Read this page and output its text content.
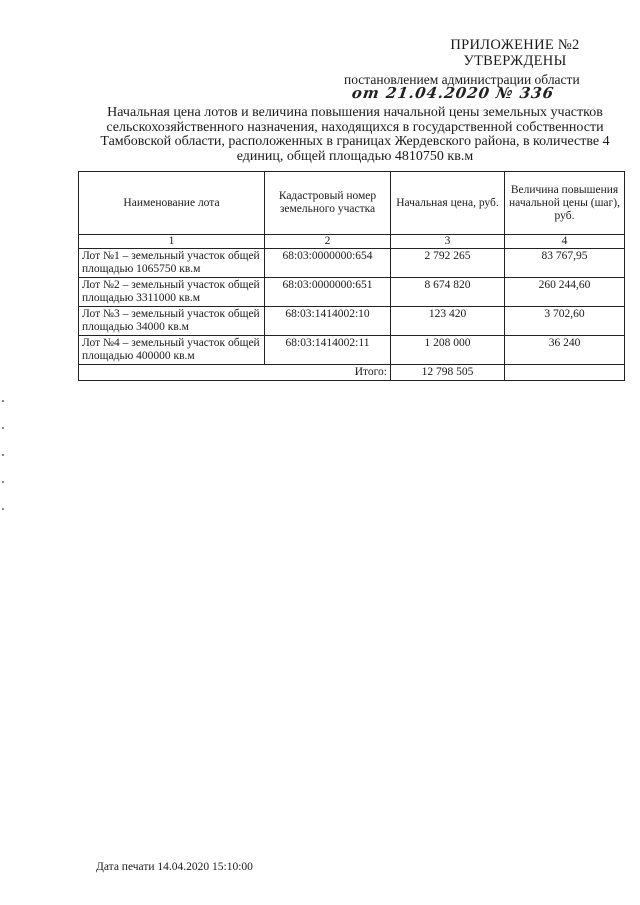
ПРИЛОЖЕНИЕ №2
УТВЕРЖДЕНЫ
постановлением администрации области
от 21.04.2020 № 336
Начальная цена лотов и величина повышения начальной цены земельных участков сельскохозяйственного назначения, находящихся в государственной собственности Тамбовской области, расположенных в границах Жердевского района, в количестве 4 единиц, общей площадью 4810750 кв.м
Наименование лота	Кадастровый номер земельного участка	Начальная цена, руб.	Величина повышения начальной цены (шаг), руб.
1	2	3	4
Лот №1 – земельный участок общей площадью 1065750 кв.м	68:03:0000000:654	2 792 265	83 767,95
Лот №2 – земельный участок общей площадью 3311000 кв.м	68:03:0000000:651	8 674 820	260 244,60
Лот №3 – земельный участок общей площадью 34000 кв.м	68:03:1414002:10	123 420	3 702,60
Лот №4 – земельный участок общей площадью 400000 кв.м	68:03:1414002:11	1 208 000	36 240
Итого:		12 798 505	
Дата печати 14.04.2020 15:10:00
